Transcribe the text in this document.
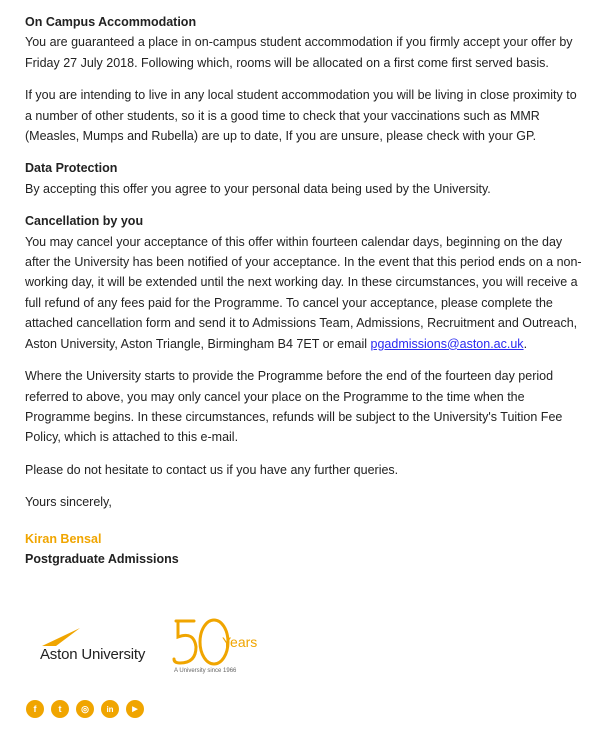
On Campus Accommodation

You are guaranteed a place in on-campus student accommodation if you firmly accept your offer by Friday 27 July 2018. Following which, rooms will be allocated on a first come first served basis.

If you are intending to live in any local student accommodation you will be living in close proximity to a number of other students, so it is a good time to check that your vaccinations such as MMR (Measles, Mumps and Rubella) are up to date, If you are unsure, please check with your GP.

Data Protection

By accepting this offer you agree to your personal data being used by the University.

Cancellation by you

You may cancel your acceptance of this offer within fourteen calendar days, beginning on the day after the University has been notified of your acceptance. In the event that this period ends on a non-working day, it will be extended until the next working day. In these circumstances, you will receive a full refund of any fees paid for the Programme. To cancel your acceptance, please complete the attached cancellation form and send it to Admissions Team, Admissions, Recruitment and Outreach, Aston University, Aston Triangle, Birmingham B4 7ET or email pgadmissions@aston.ac.uk.

Where the University starts to provide the Programme before the end of the fourteen day period referred to above, you may only cancel your place on the Programme to the time when the Programme begins. In these circumstances, refunds will be subject to the University's Tuition Fee Policy, which is attached to this e-mail.

Please do not hesitate to contact us if you have any further queries.

Yours sincerely,

Kiran Bensal

Postgraduate Admissions

Aston University
Years
A University since 1966
f	t	◎	in	▶
